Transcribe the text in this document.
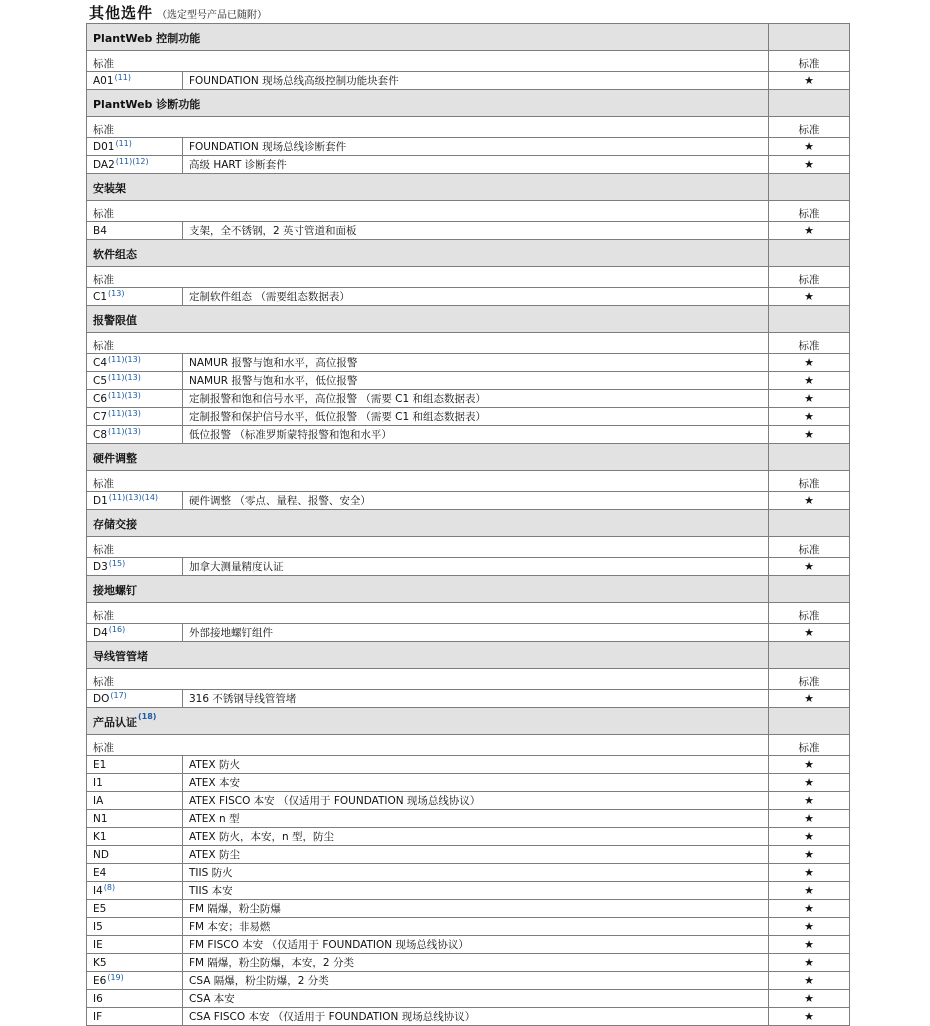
其他选件 （选定型号产品已随附）
PlantWeb 控制功能		
标准		标准
A01$^{(11)}$	FOUNDATION 现场总线高级控制功能块套件	★
PlantWeb 诊断功能		
标准		标准
D01$^{(11)}$	FOUNDATION 现场总线诊断套件	★
$DA2^{(11)(12)}$	高级 HART 诊断套件	★
安装架		
标准		标准
B4	支架，全不锈钢，2 英寸管道和面板	★
软件组态		
标准		标准
C1$^{(13)}$	定制软件组态 （需要组态数据表）	★
报警限值		
标准		标准
$C4^{(11)(13)}$	NAMUR 报警与饱和水平，高位报警	★
$C5^{(11)(13)}$	NAMUR 报警与饱和水平，低位报警	★
$C6^{(11)(13)}$	定制报警和饱和信号水平，高位报警 （需要 C1 和组态数据表）	★
$C7^{(11)(13)}$	定制报警和保护信号水平，低位报警 （需要 C1 和组态数据表）	★
$C8^{(11)(13)}$	低位报警 （标准罗斯蒙特报警和饱和水平）	★
硬件调整		
标准		标准
$D1^{(11)(13)(14)}$	硬件调整 （零点、量程、报警、安全）	★
存储交接		
标准		标准
D3$^{(15)}$	加拿大测量精度认证	★
接地螺钉		
标准		标准
D4$^{(16)}$	外部接地螺钉组件	★
导线管管堵		
标准		标准
DO$^{(17)}$	316 不锈钢导线管管堵	★
产品认证$^{(18)}$	
标准		标准
E1	ATEX 防火	★
I1	ATEX 本安	★
IA	ATEX FISCO 本安 （仅适用于 FOUNDATION 现场总线协议）	★
N1	ATEX n 型	★
K1	ATEX 防火，本安，n 型，防尘	★
ND	ATEX 防尘	★
E4	TIIS 防火	★
I4$^{(8)}$	TIIS 本安	★
E5	FM 隔爆，粉尘防爆	★
I5	FM 本安；非易燃	★
IE	FM FISCO 本安 （仅适用于 FOUNDATION 现场总线协议）	★
K5	FM 隔爆，粉尘防爆，本安，2 分类	★
E6$^{(19)}$	CSA 隔爆，粉尘防爆，2 分类	★
I6	CSA 本安	★
IF	CSA FISCO 本安 （仅适用于 FOUNDATION 现场总线协议）	★
